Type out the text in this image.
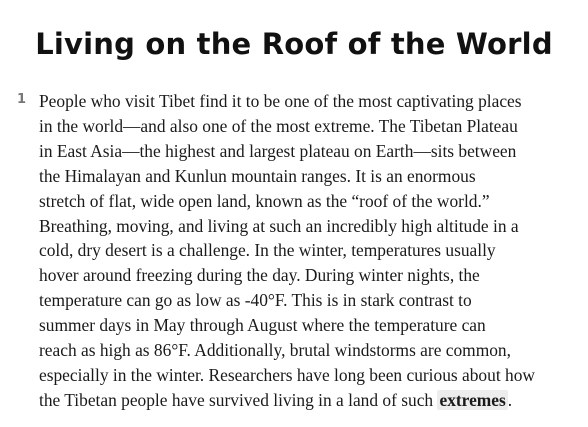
Living on the Roof of the World
1 People who visit Tibet find it to be one of the most captivating places
in the world—and also one of the most extreme. The Tibetan Plateau
in East Asia—the highest and largest plateau on Earth—sits between
the Himalayan and Kunlun mountain ranges. It is an enormous
stretch of flat, wide open land, known as the “roof of the world.”
Breathing, moving, and living at such an incredibly high altitude in a
cold, dry desert is a challenge. In the winter, temperatures usually
hover around freezing during the day. During winter nights, the
temperature can go as low as -40°F. This is in stark contrast to
summer days in May through August where the temperature can
reach as high as 86°F. Additionally, brutal windstorms are common,
especially in the winter. Researchers have long been curious about how
the Tibetan people have survived living in a land of such extremes .
